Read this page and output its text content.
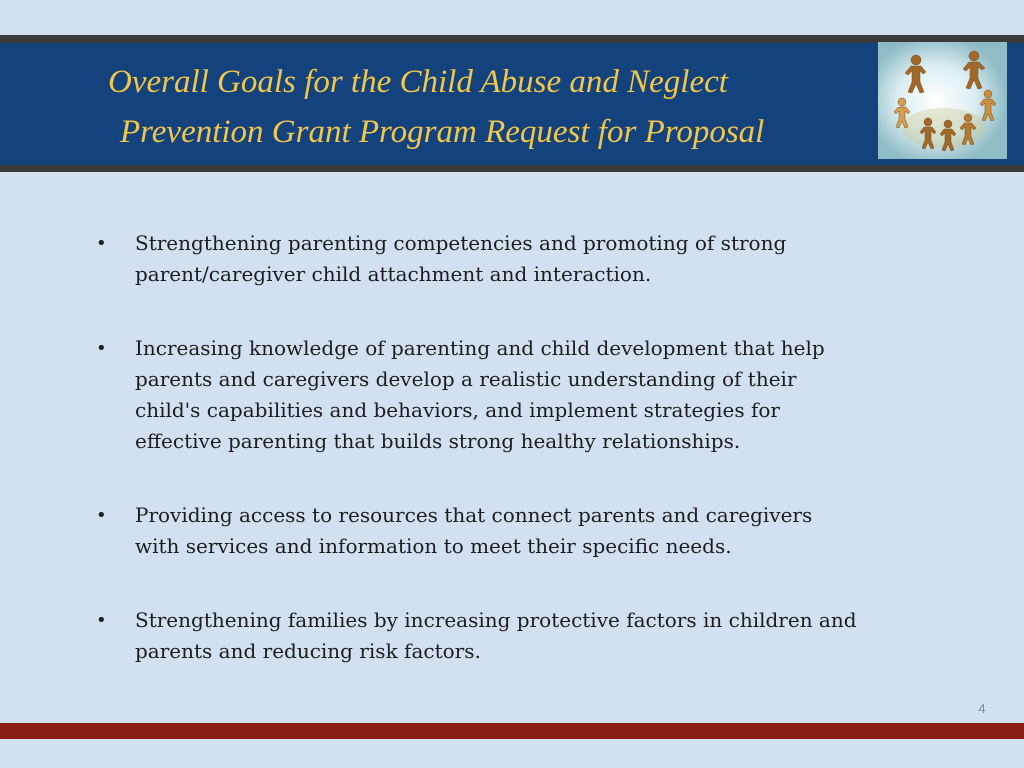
Overall Goals for the Child Abuse and Neglect
Prevention Grant Program Request for Proposal
• Strengthening parenting competencies and promoting of strong
parent/caregiver child attachment and interaction.
• Increasing knowledge of parenting and child development that help
parents and caregivers develop a realistic understanding of their
child's capabilities and behaviors, and implement strategies for
effective parenting that builds strong healthy relationships.
• Providing access to resources that connect parents and caregivers
with services and information to meet their specific needs.
• Strengthening families by increasing protective factors in children and
parents and reducing risk factors.
4
